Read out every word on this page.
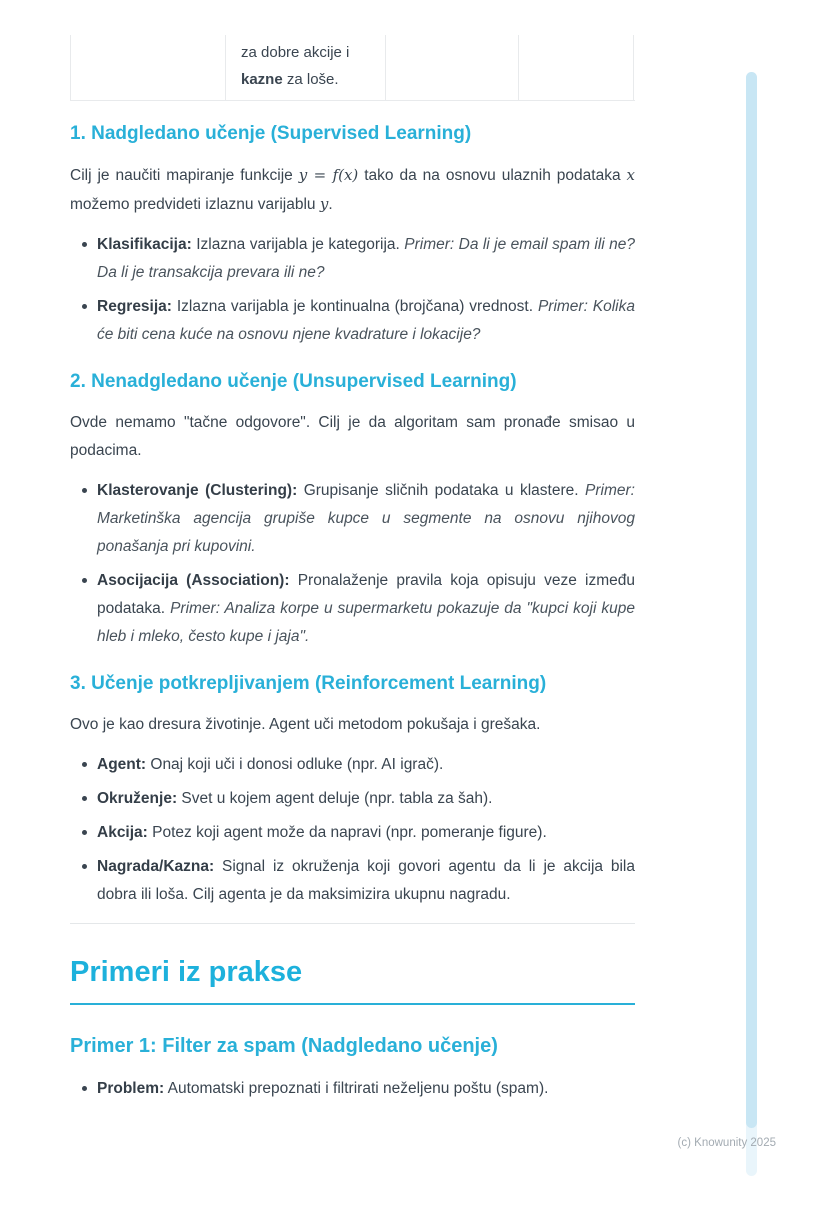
za dobre akcije i
kazne za loše.
1. Nadgledano učenje (Supervised Learning)

Cilj je naučiti mapiranje funkcije y = f(x) tako da na osnovu ulaznih podataka x možemo predvideti izlaznu varijablu y.

Klasifikacija: Izlazna varijabla je kategorija. Primer: Da li je email spam ili ne? Da li je transakcija prevara ili ne?
Regresija: Izlazna varijabla je kontinualna (brojčana) vrednost. Primer: Kolika će biti cena kuće na osnovu njene kvadrature i lokacije?
2. Nenadgledano učenje (Unsupervised Learning)

Ovde nemamo "tačne odgovore". Cilj je da algoritam sam pronađe smisao u podacima.

Klasterovanje (Clustering): Grupisanje sličnih podataka u klastere. Primer: Marketinška agencija grupiše kupce u segmente na osnovu njihovog ponašanja pri kupovini.
Asocijacija (Association): Pronalaženje pravila koja opisuju veze između podataka. Primer: Analiza korpe u supermarketu pokazuje da "kupci koji kupe hleb i mleko, često kupe i jaja".
3. Učenje potkrepljivanjem (Reinforcement Learning)

Ovo je kao dresura životinje. Agent uči metodom pokušaja i grešaka.

Agent: Onaj koji uči i donosi odluke (npr. AI igrač).
Okruženje: Svet u kojem agent deluje (npr. tabla za šah).
Akcija: Potez koji agent može da napravi (npr. pomeranje figure).
Nagrada/Kazna: Signal iz okruženja koji govori agentu da li je akcija bila dobra ili loša. Cilj agenta je da maksimizira ukupnu nagradu.
Primeri iz prakse
Primer 1: Filter za spam (Nadgledano učenje)
Problem: Automatski prepoznati i filtrirati neželjenu poštu (spam).
(c) Knowunity 2025
